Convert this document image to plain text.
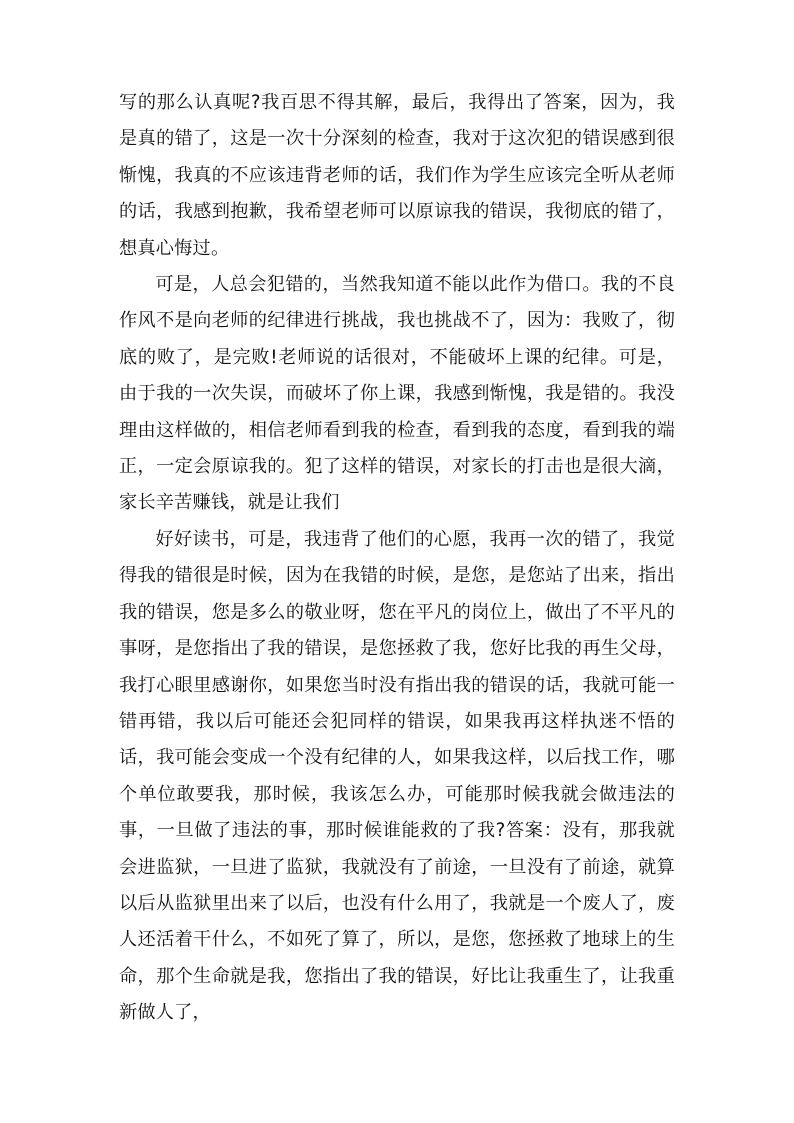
写的那么认真呢?我百思不得其解，最后，我得出了答案，因为，我是真的错了，这是一次十分深刻的检查，我对于这次犯的错误感到很惭愧，我真的不应该违背老师的话，我们作为学生应该完全听从老师的话，我感到抱歉，我希望老师可以原谅我的错误，我彻底的错了，想真心悔过。

可是，人总会犯错的，当然我知道不能以此作为借口。我的不良作风不是向老师的纪律进行挑战，我也挑战不了，因为：我败了，彻底的败了，是完败!老师说的话很对，不能破坏上课的纪律。可是，由于我的一次失误，而破坏了你上课，我感到惭愧，我是错的。我没理由这样做的，相信老师看到我的检查，看到我的态度，看到我的端正，一定会原谅我的。犯了这样的错误，对家长的打击也是很大滴，家长辛苦赚钱，就是让我们

好好读书，可是，我违背了他们的心愿，我再一次的错了，我觉得我的错很是时候，因为在我错的时候，是您，是您站了出来，指出我的错误，您是多么的敬业呀，您在平凡的岗位上，做出了不平凡的事呀，是您指出了我的错误，是您拯救了我，您好比我的再生父母，我打心眼里感谢你，如果您当时没有指出我的错误的话，我就可能一错再错，我以后可能还会犯同样的错误，如果我再这样执迷不悟的话，我可能会变成一个没有纪律的人，如果我这样，以后找工作，哪个单位敢要我，那时候，我该怎么办，可能那时候我就会做违法的事，一旦做了违法的事，那时候谁能救的了我?答案：没有，那我就会进监狱，一旦进了监狱，我就没有了前途，一旦没有了前途，就算以后从监狱里出来了以后，也没有什么用了，我就是一个废人了，废人还活着干什么，不如死了算了，所以，是您，您拯救了地球上的生命，那个生命就是我，您指出了我的错误，好比让我重生了，让我重新做人了，
